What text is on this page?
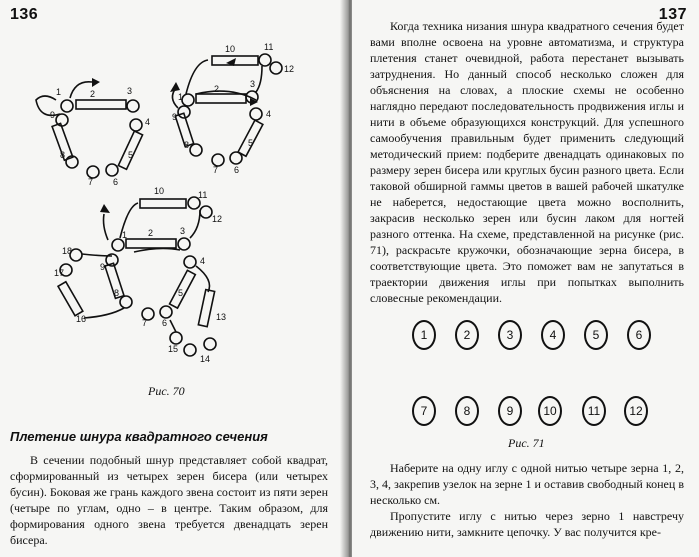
136
1	2	3
4
5
6
7
8
9	9
1
2	3
4
5
6
7
8
10	11
12
18
17
9
1 2	3
4
5
6
7
8
10	11
12
13
14
15
16
Рис. 70
Плетение шнура квадратного сечения

В сечении подобный шнур представляет собой квадрат, сформированный из четырех зерен бисера (или четырех бусин). Боковая же грань каждого звена состоит из пяти зерен (четыре по углам, одно – в центре. Таким образом, для формирования одного звена требуется двенадцать зерен бисера.

137

Когда техника низания шнура квадратного сечения будет вами вполне освоена на уровне автоматизма, и структура плетения станет очевидной, работа перестанет вызывать затруднения. Но данный способ несколько сложен для объяснения на словах, а плоские схемы не особенно наглядно передают последовательность продвижения иглы и нити в объеме образующихся конструкций. Для успешного самообучения правильным будет применить следующий методический прием: подберите двенадцать одинаковых по размеру зерен бисера или круглых бусин разного цвета. Если таковой обширной гаммы цветов в вашей рабочей шкатулке не наберется, недостающие цвета можно восполнить, закрасив несколько зерен или бусин лаком для ногтей разного оттенка. На схеме, представленной на рисунке (рис. 71), раскрасьте кружочки, обозначающие зерна бисера, в соответствующие цвета. Это поможет вам не запутаться в траектории движения иглы при попытках выполнить словесные рекомендации.

1	2	3	4	5	6
7	8	9	10	11	12
Рис. 71

Наберите на одну иглу с одной нитью четыре зерна 1, 2, 3, 4, закрепив узелок на зерне 1 и оставив свободный конец в несколько см.

Пропустите иглу с нитью через зерно 1 навстречу движению нити, замкните цепочку. У вас получится кре-
